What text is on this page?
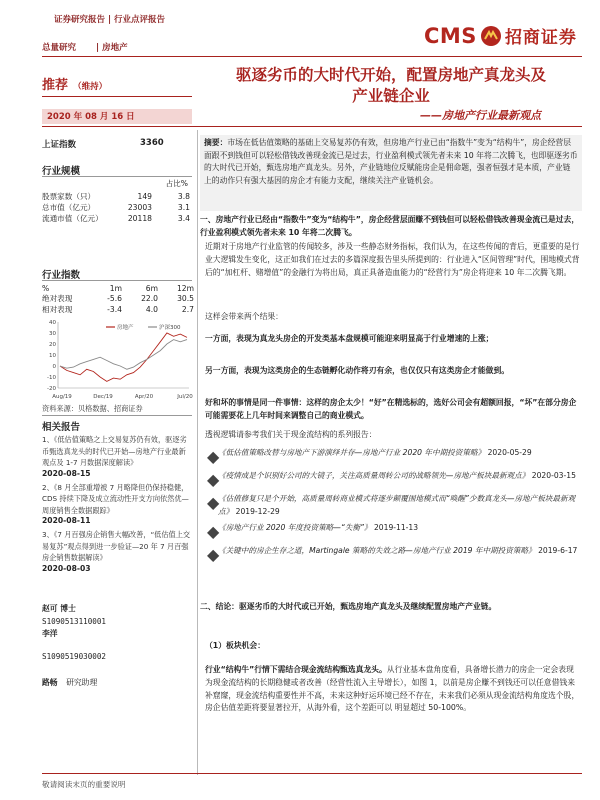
证券研究报告 | 行业点评报告
总量研究 | 房地产
CMS 招商证券
推荐 （维持）
驱逐劣币的大时代开始，配置房地产真龙头及
产业链企业
2020 年 08 月 16 日	——房地产行业最新观点
上证指数	3360
行业规模
占比%
股票家数（只）	149	3.8
总市值（亿元）	23003	3.1
流通市值（亿元）	20118	3.4
行业指数
%	1m	6m	12m
绝对表现	-5.6	22.0	30.5
相对表现	-3.4	4.0	2.7
40
30
20
10
0
-10
-20
Aug/19	Dec/19	Apr/20	Jul/20
房地产	沪深300
资料来源：贝格数据、招商证券
相关报告
1、《低估值策略之上交易复苏仍有效，驱逐劣币甄选真龙头的时代已开始—房地产行业最新观点及 1-7 月数据深度解读》
2020-08-15
2、《8 月全部重增被 7 月略降但仍保持稳健，CDS 持续下降及成立流动性开支方向依然优—周度销售全数据跟踪》
2020-08-11
3、《7 月百强房企销售大幅改善，“低估值上交易复苏”观点得到进一步验证—20 年 7 月百强房企销售数据解读》
2020-08-03
赵可 博士
S1090513110001
李洋
S1090519030002
路畅 研究助理
摘要：市场在低估值策略的基础上交易复苏仍有效，但房地产行业已由“指数牛”变为“结构牛”，房企经营层面跟不到钱但可以轻松借钱改善现金流已是过去，行业盈利模式领先者未来 10 年将二次腾飞，也即驱逐劣币的大时代已开始，甄选房地产真龙头。另外，产业链地位反赋能房企是佣命题，强者恒强才是本质，产业链上的动作只有强大基因的房企才有能力支配，继续关注产业链机会。
一、房地产行业已经由“指数牛”变为“结构牛”，房企经营层面赚不到钱但可以轻松借钱改善现金流已是过去，行业盈利模式领先者未来 10 年将二次腾飞。
近期对于房地产行业监管的传闻较多，涉及一些静态财务指标，我们认为，在这些传闻的背后，更重要的是行业大逻辑发生变化，这正如我们在过去的多篇深度报告里头所提到的：行业进入“区间管理”时代，围地模式背后的“加杠杆、赌增值”的金融行为将出局，真正具备造血能力的“经营行为”房企将迎来 10 年二次腾飞期。
这样会带来两个结果：
一方面，表现为真龙头房企的开发类基本盘规模可能迎来明显高于行业增速的上涨；
另一方面，表现为这类房企的生态链孵化动作将刃有余，也仅仅只有这类房企才能做到。
好和坏的事情是同一件事情：这样的房企太少！“好”在精选标的，选好公司会有超额回报，“坏”在部分房企可能需要花上几年时间来调整自己的商业模式。
透视逻辑请参考我们关于现金流结构的系列报告：
◆
《低估值策略改替与房地产下游演绎并存—房地产行业 2020 年中期投资策略》 2020-05-29
◆
《疫情成是个识别好公司的大镜子，关注高质量周转公司的战略领先—房地产板块最新观点》 2020-03-15
◆
《估值修复只是个开始，高质量周转商业模式将逐步颠覆围地模式而“唤醒”少数真龙头—房地产板块最新观点》 2019-12-29
◆
《房地产行业 2020 年度投资策略—“失衡”》 2019-11-13
◆
《关键中的房企生存之道，Martingale 策略的失效之路—房地产行业 2019 年中期投资策略》 2019-6-17
二、结论：驱逐劣币的大时代或已开始，甄选房地产真龙头及继续配置房地产产业链。
（1）板块机会：
行业“结构牛”行情下需结合现金流结构甄选真龙头。从行业基本盘角度看，具备增长潜力的房企一定会表现为现金流结构的长期稳健或者改善（经营性流入主导增长），如图 1，以前是房企赚不到钱还可以任意借钱来补窟窿，现金流结构重要性并不高，未来这种好运环境已经不存在，未来我们必须从现金流结构角度选个股，房企估值差距将要显著拉开，从海外看，这个差距可以 明显超过 50-100%。
敬请阅读末页的重要说明
